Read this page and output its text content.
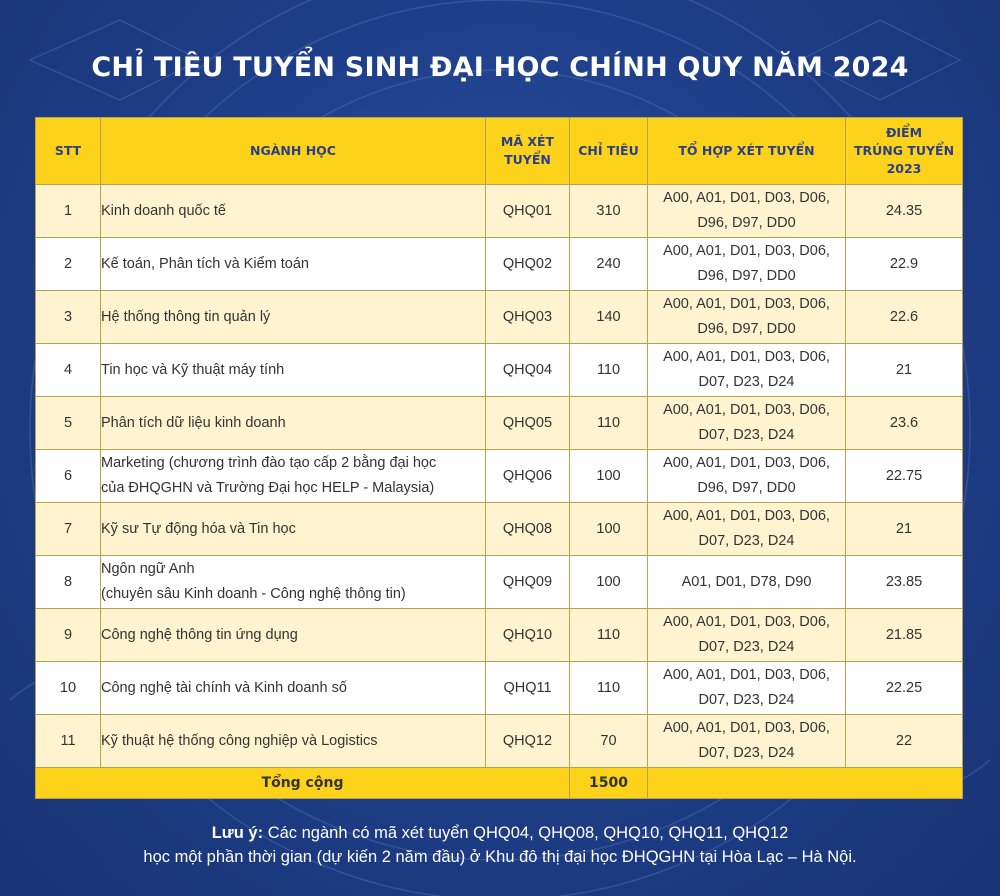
CHỈ TIÊU TUYỂN SINH ĐẠI HỌC CHÍNH QUY NĂM 2024
STT	NGÀNH HỌC	MÃ XÉT
TUYỂN	CHỈ TIÊU	TỔ HỢP XÉT TUYỂN	ĐIỂM
TRÚNG TUYỂN
2023
1	Kinh doanh quốc tế	QHQ01	310	A00, A01, D01, D03, D06,
D96, D97, DD0	24.35
2	Kế toán, Phân tích và Kiểm toán	QHQ02	240	A00, A01, D01, D03, D06,
D96, D97, DD0	22.9
3	Hệ thống thông tin quản lý	QHQ03	140	A00, A01, D01, D03, D06,
D96, D97, DD0	22.6
4	Tin học và Kỹ thuật máy tính	QHQ04	110	A00, A01, D01, D03, D06,
D07, D23, D24	21
5	Phân tích dữ liệu kinh doanh	QHQ05	110	A00, A01, D01, D03, D06,
D07, D23, D24	23.6
6	Marketing (chương trình đào tạo cấp 2 bằng đại học
của ĐHQGHN và Trường Đại học HELP - Malaysia)	QHQ06	100	A00, A01, D01, D03, D06,
D96, D97, DD0	22.75
7	Kỹ sư Tự động hóa và Tin học	QHQ08	100	A00, A01, D01, D03, D06,
D07, D23, D24	21
8	Ngôn ngữ Anh
(chuyên sâu Kinh doanh - Công nghệ thông tin)	QHQ09	100	A01, D01, D78, D90	23.85
9	Công nghệ thông tin ứng dụng	QHQ10	110	A00, A01, D01, D03, D06,
D07, D23, D24	21.85
10	Công nghệ tài chính và Kinh doanh số	QHQ11	110	A00, A01, D01, D03, D06,
D07, D23, D24	22.25
11	Kỹ thuật hệ thống công nghiệp và Logistics	QHQ12	70	A00, A01, D01, D03, D06,
D07, D23, D24	22
Tổng cộng			1500		
Lưu ý: Các ngành có mã xét tuyển QHQ04, QHQ08, QHQ10, QHQ11, QHQ12
học một phần thời gian (dự kiến 2 năm đầu) ở Khu đô thị đại học ĐHQGHN tại Hòa Lạc – Hà Nội.
